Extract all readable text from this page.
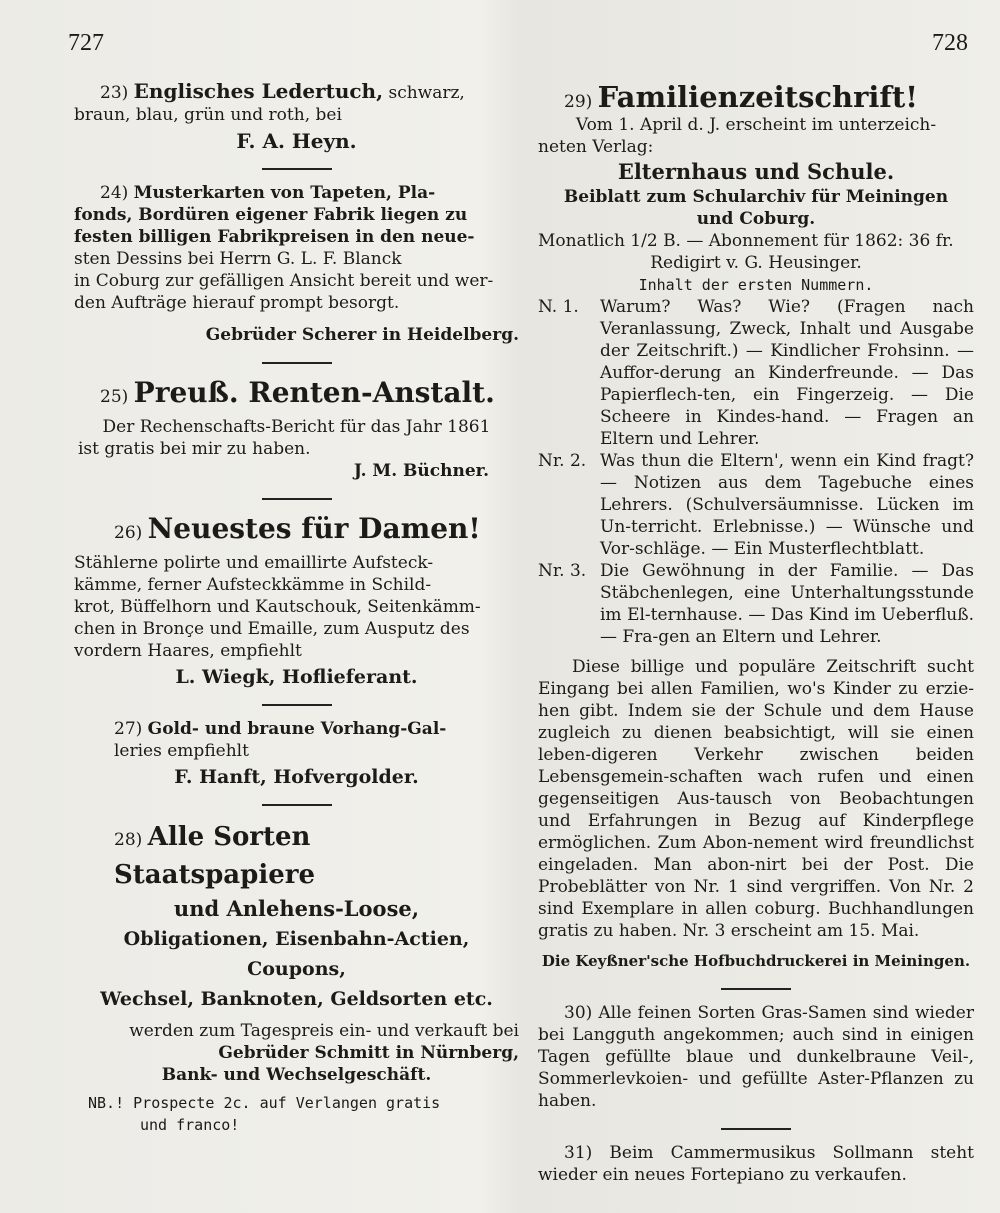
727	728

23) Englisches Ledertuch, schwarz,

braun, blau, grün und roth, bei

F. A. Heyn.

24) Musterkarten von Tapeten, Pla-

fonds, Bordüren eigener Fabrik liegen zu

festen billigen Fabrikpreisen in den neue-

sten Dessins bei Herrn G. L. F. Blanck

in Coburg zur gefälligen Ansicht bereit und wer-

den Aufträge hierauf prompt besorgt.

Gebrüder Scherer in Heidelberg.

25) Preuß. Renten-Anstalt.

Der Rechenschafts-Bericht für das Jahr 1861

ist gratis bei mir zu haben.

J. M. Büchner.

26) Neuestes für Damen!

Stählerne polirte und emaillirte Aufsteck-

kämme, ferner Aufsteckkämme in Schild-

krot, Büffelhorn und Kautschouk, Seitenkämm-

chen in Bronçe und Emaille, zum Ausputz des

vordern Haares, empfiehlt

L. Wiegk, Hoflieferant.

27) Gold- und braune Vorhang-Gal-

leries empfiehlt

F. Hanft, Hofvergolder.

28) Alle Sorten Staatspapiere

und Anlehens-Loose,

Obligationen, Eisenbahn-Actien, Coupons,

Wechsel, Banknoten, Geldsorten etc.

werden zum Tagespreis ein- und verkauft bei

Gebrüder Schmitt in Nürnberg,

Bank- und Wechselgeschäft.

NB.! Prospecte 2c. auf Verlangen gratis

und franco!

29) Familienzeitschrift!

Vom 1. April d. J. erscheint im unterzeich-

neten Verlag:

Elternhaus und Schule.

Beiblatt zum Schularchiv für Meiningen

und Coburg.

Monatlich 1/2 B. — Abonnement für 1862: 36 fr.

Redigirt v. G. Heusinger.

Inhalt der ersten Nummern.

N. 1.	Warum? Was? Wie? (Fragen nach Veranlassung, Zweck, Inhalt und Ausgabe der Zeitschrift.) — Kindlicher Frohsinn. — Auffor-derung an Kinderfreunde. — Das Papierflech-ten, ein Fingerzeig. — Die Scheere in Kindes-hand. — Fragen an Eltern und Lehrer.
Nr. 2. Was thun die Eltern', wenn ein Kind fragt? — Notizen aus dem Tagebuche eines Lehrers. (Schulversäumnisse. Lücken im Un-terricht. Erlebnisse.) — Wünsche und Vor-schläge. — Ein Musterflechtblatt.
Nr. 3. Die Gewöhnung in der Familie. — Das Stäbchenlegen, eine Unterhaltungsstunde im El-ternhause. — Das Kind im Ueberfluß. — Fra-gen an Eltern und Lehrer.

Diese billige und populäre Zeitschrift sucht Eingang bei allen Familien, wo's Kinder zu erzie-hen gibt. Indem sie der Schule und dem Hause zugleich zu dienen beabsichtigt, will sie einen leben-digeren Verkehr zwischen beiden Lebensgemein-schaften wach rufen und einen gegenseitigen Aus-tausch von Beobachtungen und Erfahrungen in Bezug auf Kinderpflege ermöglichen. Zum Abon-nement wird freundlichst eingeladen. Man abon-nirt bei der Post. Die Probeblätter von Nr. 1 sind vergriffen. Von Nr. 2 sind Exemplare in allen coburg. Buchhandlungen gratis zu haben. Nr. 3 erscheint am 15. Mai.

Die Keyßner'sche Hofbuchdruckerei in Meiningen.

30) Alle feinen Sorten Gras-Samen sind wieder bei Langguth angekommen; auch sind in einigen Tagen gefüllte blaue und dunkelbraune Veil-, Sommerlevkoien- und gefüllte Aster-Pflanzen zu haben.

31) Beim Cammermusikus Sollmann steht wieder ein neues Fortepiano zu verkaufen.
